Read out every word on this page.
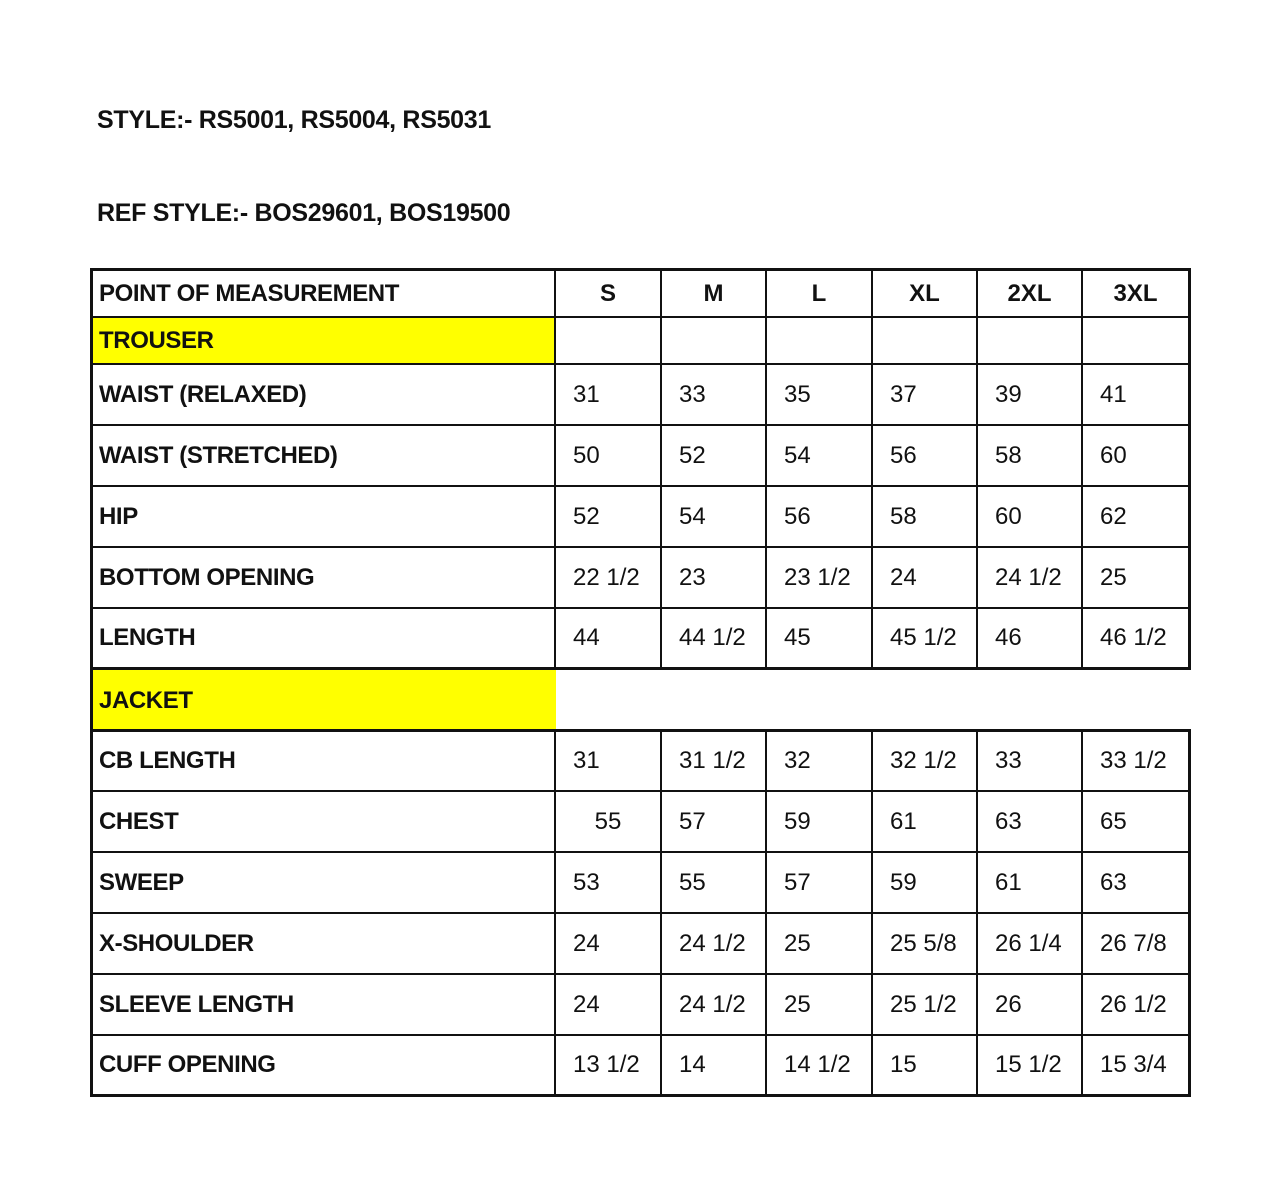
STYLE:- RS5001, RS5004, RS5031
REF STYLE:- BOS29601, BOS19500
POINT OF MEASUREMENT	S	M	L	XL	2XL	3XL
TROUSER
WAIST (RELAXED)	31	33	35	37	39	41
WAIST (STRETCHED)	50	52	54	56	58	60
HIP	52	54	56	58	60	62
BOTTOM OPENING	22 1/2	23	23 1/2	24	24 1/2	25
LENGTH	44	44 1/2	45	45 1/2	46	46 1/2
JACKET
CB LENGTH	31	31 1/2	32	32 1/2	33	33 1/2
CHEST	55	57	59	61	63	65
SWEEP	53	55	57	59	61	63
X-SHOULDER	24	24 1/2	25	25 5/8	26 1/4	26 7/8
SLEEVE LENGTH	24	24 1/2	25	25 1/2	26	26 1/2
CUFF OPENING	13 1/2	14	14 1/2	15	15 1/2	15 3/4
